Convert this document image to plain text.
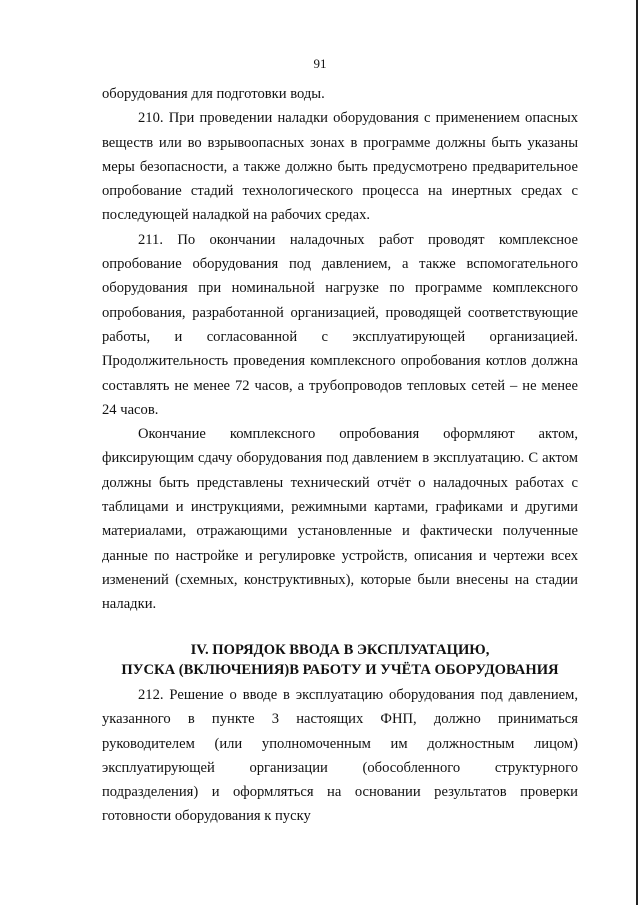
91

оборудования для подготовки воды.

210. При проведении наладки оборудования с применением опасных веществ или во взрывоопасных зонах в программе должны быть указаны меры безопасности, а также должно быть предусмотрено предварительное опробование стадий технологического процесса на инертных средах с последующей наладкой на рабочих средах.

211. По окончании наладочных работ проводят комплексное опробование оборудования под давлением, а также вспомогательного оборудования при номинальной нагрузке по программе комплексного опробования, разработанной организацией, проводящей соответствующие работы, и согласованной с эксплуатирующей организацией. Продолжительность проведения комплексного опробования котлов должна составлять не менее 72 часов, а трубопроводов тепловых сетей – не менее 24 часов.

Окончание комплексного опробования оформляют актом, фиксирующим сдачу оборудования под давлением в эксплуатацию. С актом должны быть представлены технический отчёт о наладочных работах с таблицами и инструкциями, режимными картами, графиками и другими материалами, отражающими установленные и фактически полученные данные по настройке и регулировке устройств, описания и чертежи всех изменений (схемных, конструктивных), которые были внесены на стадии наладки.

IV. ПОРЯДОК ВВОДА В ЭКСПЛУАТАЦИЮ,
ПУСКА (ВКЛЮЧЕНИЯ)В РАБОТУ И УЧЁТА ОБОРУДОВАНИЯ

212. Решение о вводе в эксплуатацию оборудования под давлением, указанного в пункте 3 настоящих ФНП, должно приниматься руководителем (или уполномоченным им должностным лицом) эксплуатирующей организации (обособленного структурного подразделения) и оформляться на основании результатов проверки готовности оборудования к пуску
